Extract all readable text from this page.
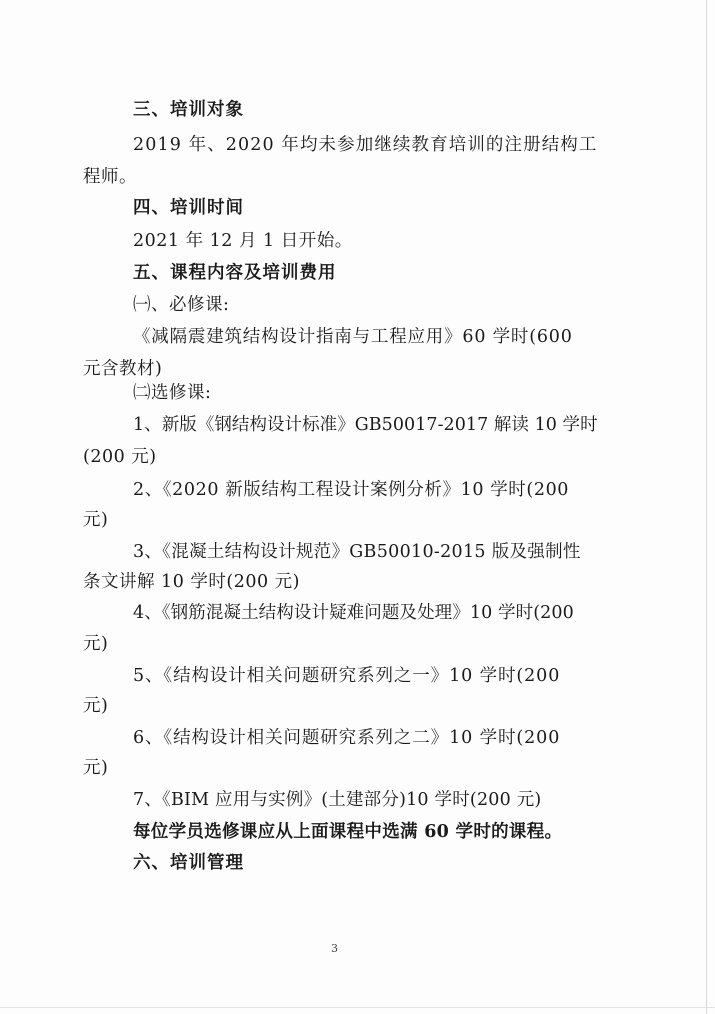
三、培训对象
2019 年、2020 年均未参加继续教育培训的注册结构工
程师。
四、培训时间
2021 年 12 月 1 日开始。
五、课程内容及培训费用
㈠、必修课:
《减隔震建筑结构设计指南与工程应用》60 学时(600
元含教材)
㈡选修课:
1、新版《钢结构设计标准》GB50017-2017 解读 10 学时
(200 元)
2、《2020 新版结构工程设计案例分析》10 学时(200
元)
3、《混凝土结构设计规范》GB50010-2015 版及强制性
条文讲解 10 学时(200 元)
4、《钢筋混凝土结构设计疑难问题及处理》10 学时(200
元)
5、《结构设计相关问题研究系列之一》10 学时(200
元)
6、《结构设计相关问题研究系列之二》10 学时(200
元)
7、《BIM 应用与实例》(土建部分)10 学时(200 元)
每位学员选修课应从上面课程中选满 60 学时的课程。
六、培训管理
3
